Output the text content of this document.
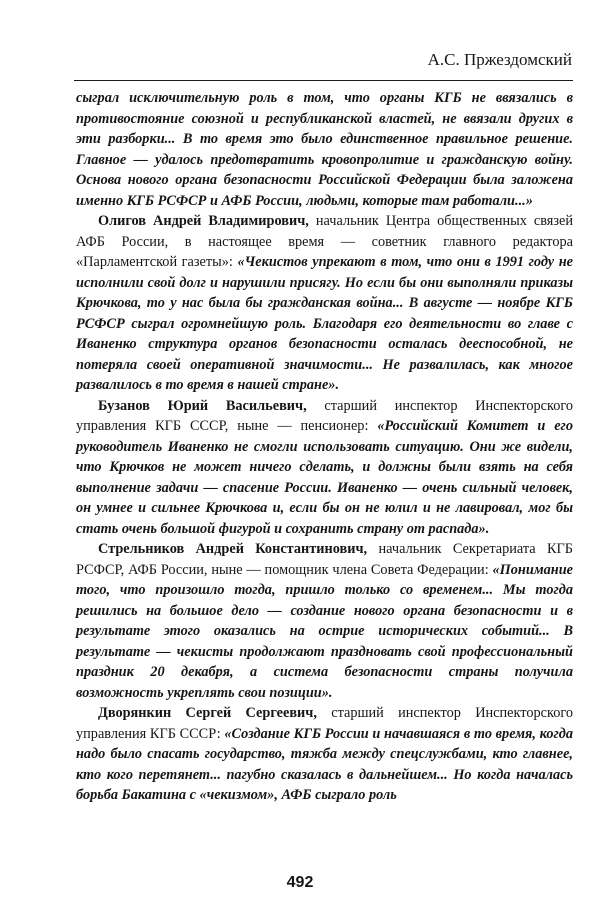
А.С. Пржездомский

сыграл исключительную роль в том, что органы КГБ не ввязались в противостояние союзной и республиканской властей, не ввязали других в эти разборки... В то время это было единственное правильное решение. Главное — удалось предотвратить кровопролитие и гражданскую войну. Основа нового органа безопасности Российской Федерации была заложена именно КГБ РСФСР и АФБ России, людьми, которые там работали...»

Олигов Андрей Владимирович, начальник Центра общественных связей АФБ России, в настоящее время — советник главного редактора «Парламентской газеты»: «Чекистов упрекают в том, что они в 1991 году не исполнили свой долг и нарушили присягу. Но если бы они выполняли приказы Крючкова, то у нас была бы гражданская война... В августе — ноябре КГБ РСФСР сыграл огромнейшую роль. Благодаря его деятельности во главе с Иваненко структура органов безопасности осталась дееспособной, не потеряла своей оперативной значимости... Не развалилась, как многое развалилось в то время в нашей стране».

Бузанов Юрий Васильевич, старший инспектор Инспекторского управления КГБ СССР, ныне — пенсионер: «Российский Комитет и его руководитель Иваненко не смогли использовать ситуацию. Они же видели, что Крючков не может ничего сделать, и должны были взять на себя выполнение задачи — спасение России. Иваненко — очень сильный человек, он умнее и сильнее Крючкова и, если бы он не юлил и не лавировал, мог бы стать очень большой фигурой и сохранить страну от распада».

Стрельников Андрей Константинович, начальник Секретариата КГБ РСФСР, АФБ России, ныне — помощник члена Совета Федерации: «Понимание того, что произошло тогда, пришло только со временем... Мы тогда решились на большое дело — создание нового органа безопасности и в результате этого оказались на острие исторических событий... В результате — чекисты продолжают праздновать свой профессиональный праздник 20 декабря, а система безопасности страны получила возможность укреплять свои позиции».

Дворянкин Сергей Сергеевич, старший инспектор Инспекторского управления КГБ СССР: «Создание КГБ России и начавшаяся в то время, когда надо было спасать государство, тяжба между спецслужбами, кто главнее, кто кого перетянет... пагубно сказалась в дальнейшем... Но когда началась борьба Бакатина с «чекизмом», АФБ сыграло роль

492
